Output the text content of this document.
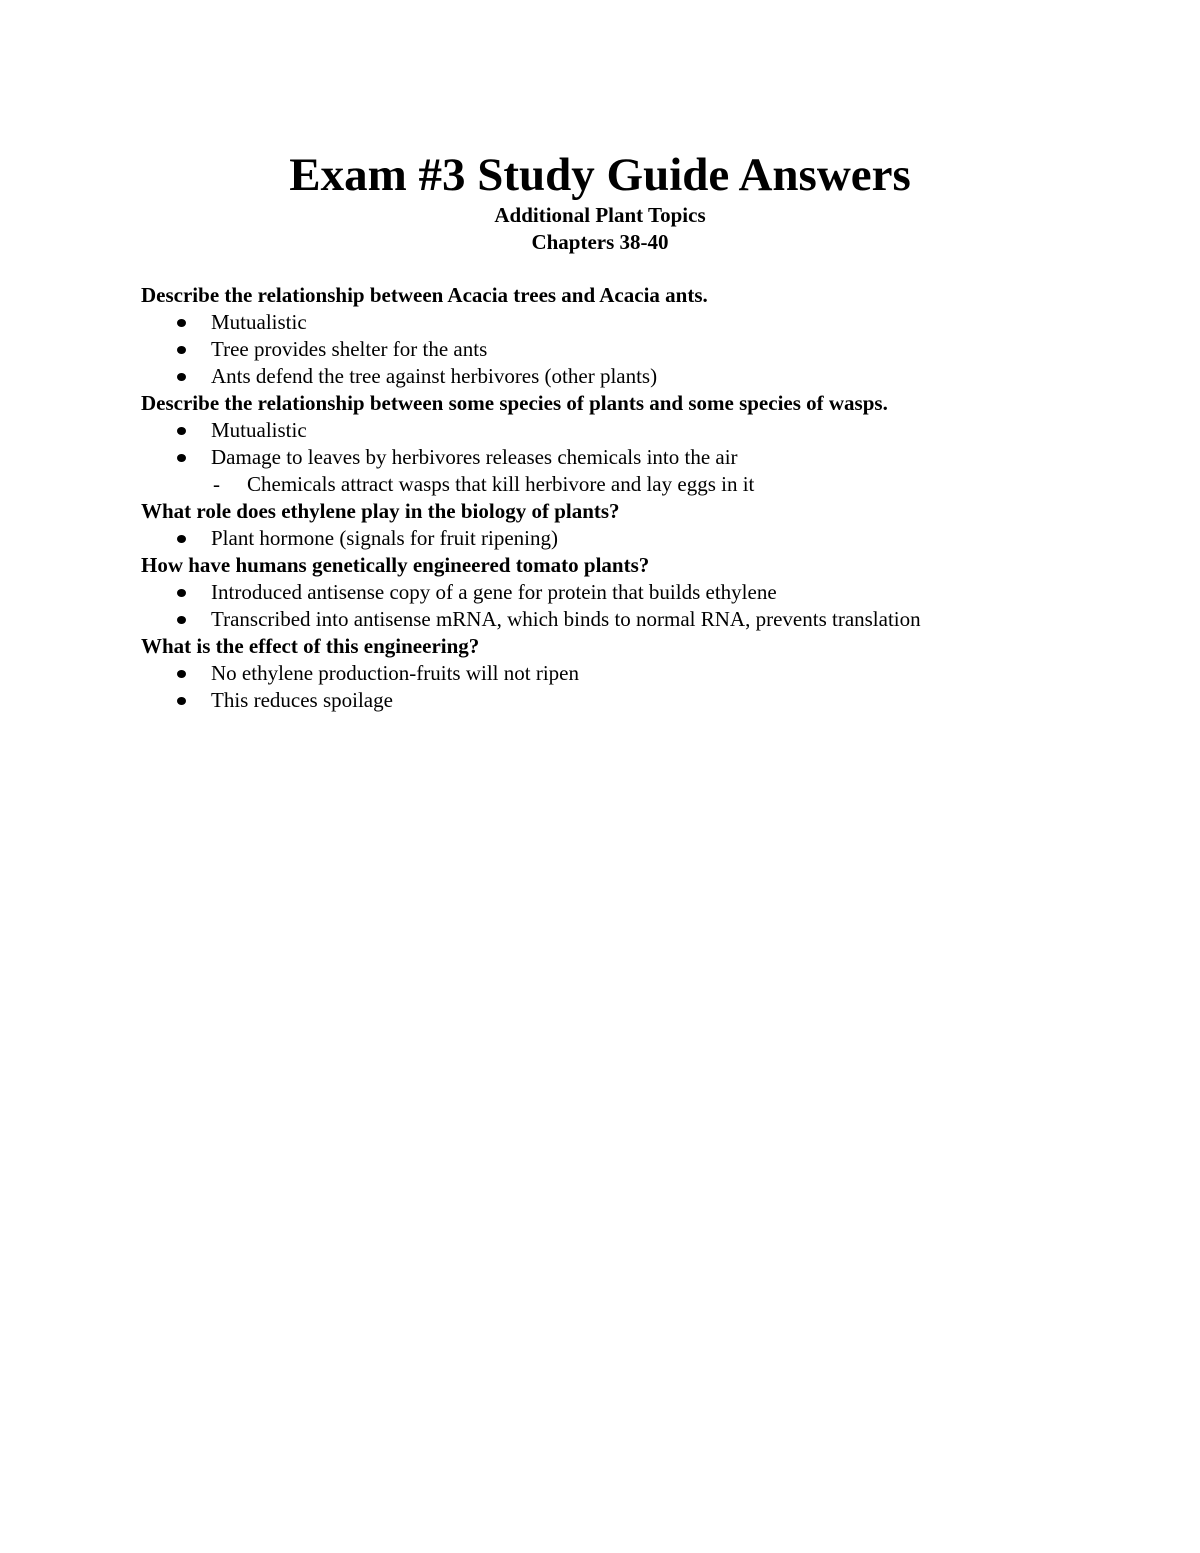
Exam #3 Study Guide Answers
Additional Plant Topics
Chapters 38-40
Describe the relationship between Acacia trees and Acacia ants.
Mutualistic
Tree provides shelter for the ants
Ants defend the tree against herbivores (other plants)
Describe the relationship between some species of plants and some species of wasps.
Mutualistic
Damage to leaves by herbivores releases chemicals into the air
- Chemicals attract wasps that kill herbivore and lay eggs in it
What role does ethylene play in the biology of plants?
Plant hormone (signals for fruit ripening)
How have humans genetically engineered tomato plants?
Introduced antisense copy of a gene for protein that builds ethylene
Transcribed into antisense mRNA, which binds to normal RNA, prevents translation
What is the effect of this engineering?
No ethylene production-fruits will not ripen
This reduces spoilage
